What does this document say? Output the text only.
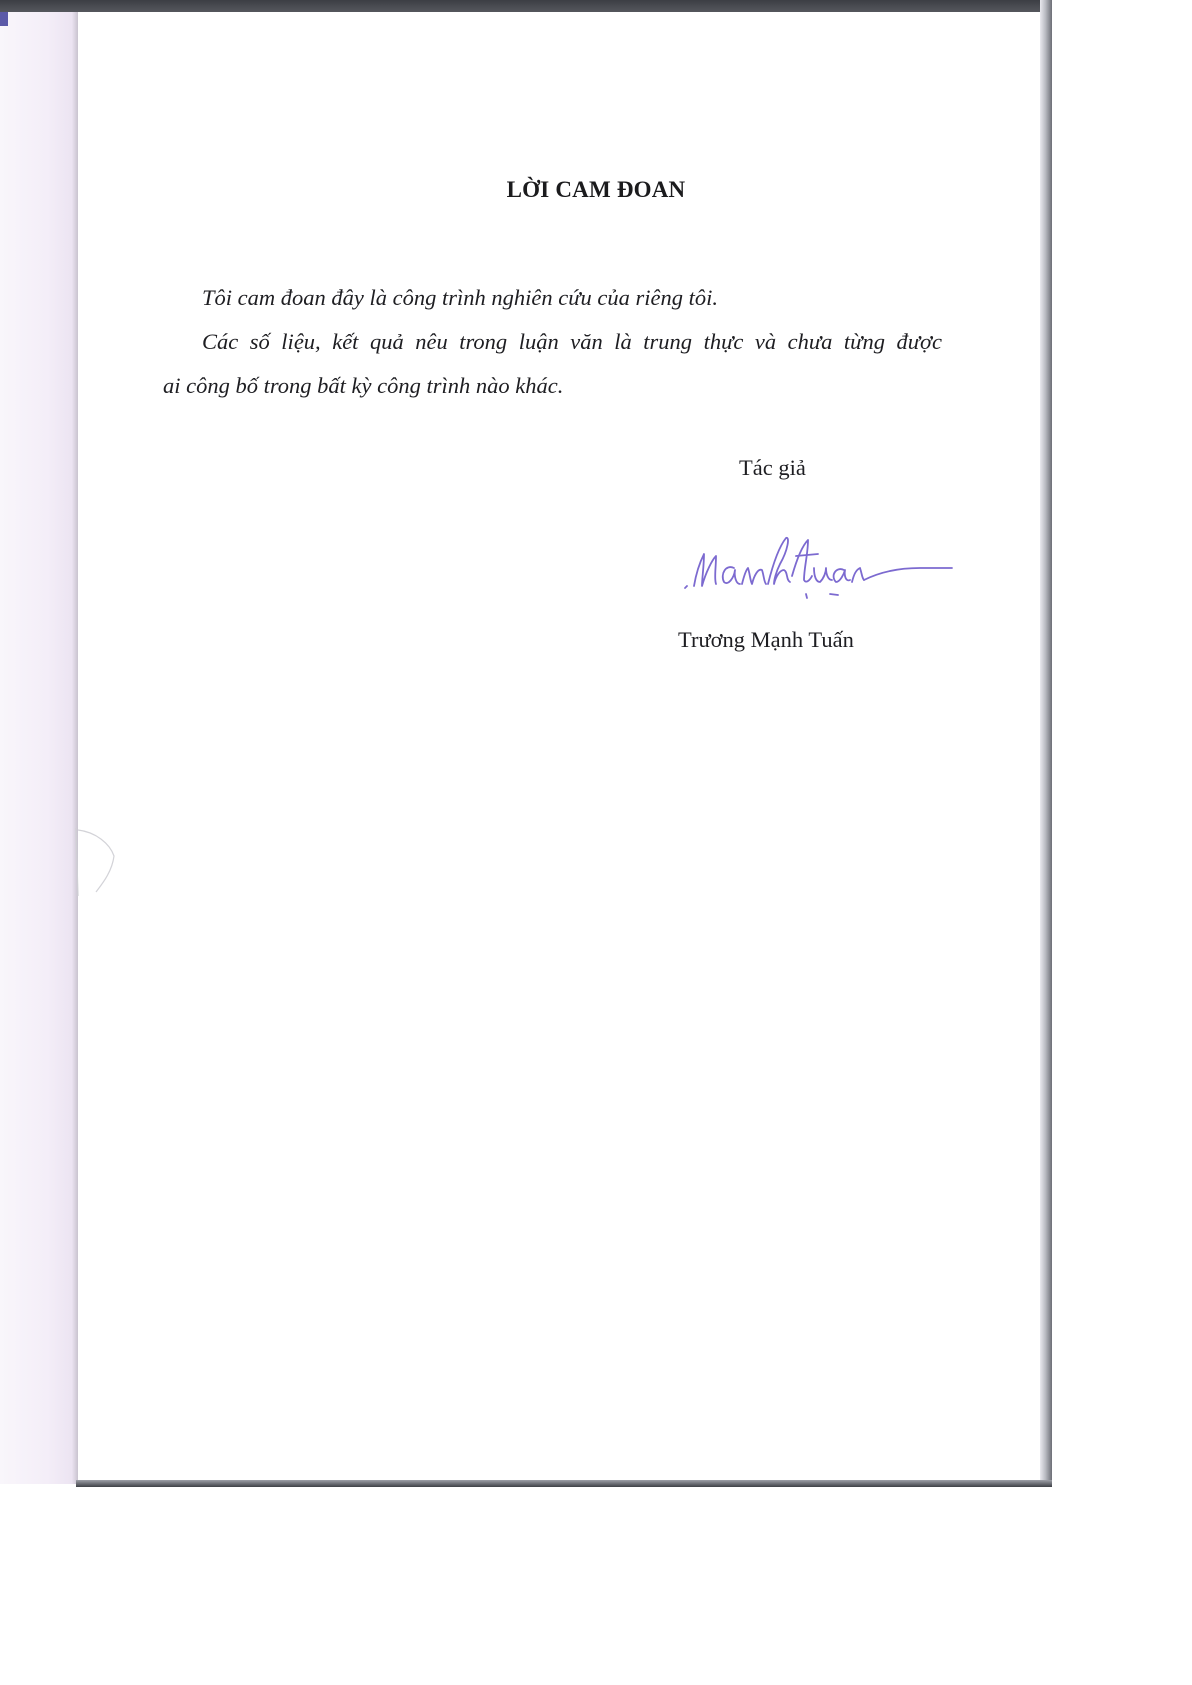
LỜI CAM ĐOAN

Tôi cam đoan đây là công trình nghiên cứu của riêng tôi.

Các số liệu, kết quả nêu trong luận văn là trung thực và chưa từng được

ai công bố trong bất kỳ công trình nào khác.

Tác giả

Trương Mạnh Tuấn
